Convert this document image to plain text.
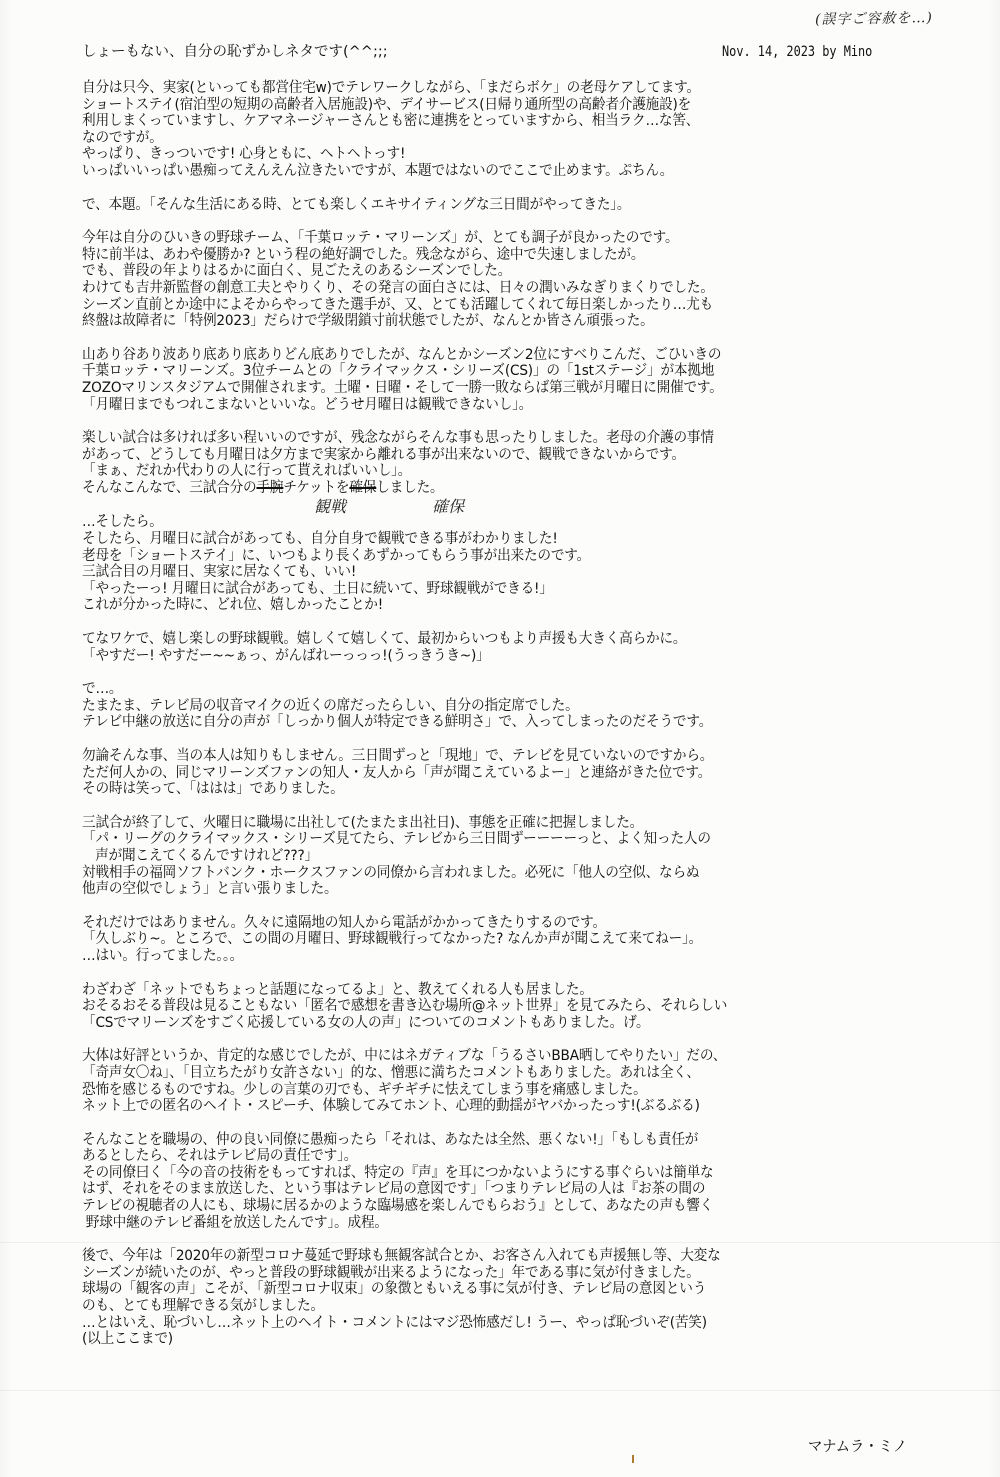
(誤字ご容赦を…)
しょーもない、自分の恥ずかしネタです(^^;;;	Nov. 14, 2023 by Mino
自分は只今、実家(といっても都営住宅w)でテレワークしながら、「まだらボケ」の老母ケアしてます。
ショートステイ(宿泊型の短期の高齢者入居施設)や、デイサービス(日帰り通所型の高齢者介護施設)を
利用しまくっていますし、ケアマネージャーさんとも密に連携をとっていますから、相当ラク…な筈、
なのですが。
やっぱり、きっついです! 心身ともに、ヘトヘトっす!
いっぱいいっぱい愚痴ってえんえん泣きたいですが、本題ではないのでここで止めます。ぷちん。
で、本題。「そんな生活にある時、とても楽しくエキサイティングな三日間がやってきた」。
今年は自分のひいきの野球チーム、「千葉ロッテ・マリーンズ」が、とても調子が良かったのです。
特に前半は、あわや優勝か? という程の絶好調でした。残念ながら、途中で失速しましたが。
でも、普段の年よりはるかに面白く、見ごたえのあるシーズンでした。
わけても吉井新監督の創意工夫とやりくり、その発言の面白さには、日々の潤いみなぎりまくりでした。
シーズン直前とか途中によそからやってきた選手が、又、とても活躍してくれて毎日楽しかったり…尤も
終盤は故障者に「特例2023」だらけで学級閉鎖寸前状態でしたが、なんとか皆さん頑張った。
山あり谷あり波あり底あり底ありどん底ありでしたが、なんとかシーズン2位にすべりこんだ、ごひいきの
千葉ロッテ・マリーンズ。3位チームとの「クライマックス・シリーズ(CS)」の「1stステージ」が本拠地
ZOZOマリンスタジアムで開催されます。土曜・日曜・そして一勝一敗ならば第三戦が月曜日に開催です。
「月曜日までもつれこまないといいな。どうせ月曜日は観戦できないし」。
楽しい試合は多ければ多い程いいのですが、残念ながらそんな事も思ったりしました。老母の介護の事情
があって、どうしても月曜日は夕方まで実家から離れる事が出来ないので、観戦できないからです。
「まぁ、だれか代わりの人に行って貰えればいいし」。
そんなこんなで、三試合分の手腕チケットを確保しました。
観戦	確保
…そしたら。
そしたら、月曜日に試合があっても、自分自身で観戦できる事がわかりました!
老母を「ショートステイ」に、いつもより長くあずかってもらう事が出来たのです。
三試合目の月曜日、実家に居なくても、いい!
「やったーっ! 月曜日に試合があっても、土日に続いて、野球観戦ができる!」
これが分かった時に、どれ位、嬉しかったことか!
てなワケで、嬉し楽しの野球観戦。嬉しくて嬉しくて、最初からいつもより声援も大きく高らかに。
「やすだー! やすだー~~ぁっ、がんばれーっっっ!(うっきうき~)」
で…。
たまたま、テレビ局の収音マイクの近くの席だったらしい、自分の指定席でした。
テレビ中継の放送に自分の声が「しっかり個人が特定できる鮮明さ」で、入ってしまったのだそうです。
勿論そんな事、当の本人は知りもしません。三日間ずっと「現地」で、テレビを見ていないのですから。
ただ何人かの、同じマリーンズファンの知人・友人から「声が聞こえているよー」と連絡がきた位です。
その時は笑って、「ははは」でありました。
三試合が終了して、火曜日に職場に出社して(たまたま出社日)、事態を正確に把握しました。
「パ・リーグのクライマックス・シリーズ見てたら、テレビから三日間ずーーーーっと、よく知った人の
声が聞こえてくるんですけれど???」
対戦相手の福岡ソフトバンク・ホークスファンの同僚から言われました。必死に「他人の空似、ならぬ
他声の空似でしょう」と言い張りました。
それだけではありません。久々に遠隔地の知人から電話がかかってきたりするのです。
「久しぶり~。ところで、この間の月曜日、野球観戦行ってなかった? なんか声が聞こえて来てねー」。
…はい。行ってました。。。
わざわざ「ネットでもちょっと話題になってるよ」と、教えてくれる人も居ました。
おそるおそる普段は見ることもない「匿名で感想を書き込む場所@ネット世界」を見てみたら、それらしい
「CSでマリーンズをすごく応援している女の人の声」についてのコメントもありました。げ。
大体は好評というか、肯定的な感じでしたが、中にはネガティブな「うるさいBBA晒してやりたい」だの、
「奇声女〇ね」、「目立ちたがり女許さない」的な、憎悪に満ちたコメントもありました。あれは全く、
恐怖を感じるものですね。少しの言葉の刃でも、ギチギチに怯えてしまう事を痛感しました。
ネット上での匿名のヘイト・スピーチ、体験してみてホント、心理的動揺がヤバかったっす!(ぶるぶる)
そんなことを職場の、仲の良い同僚に愚痴ったら「それは、あなたは全然、悪くない!」「もしも責任が
あるとしたら、それはテレビ局の責任です」。
その同僚曰く「今の音の技術をもってすれば、特定の『声』を耳につかないようにする事ぐらいは簡単な
はず、それをそのまま放送した、という事はテレビ局の意図です」「つまりテレビ局の人は『お茶の間の
テレビの視聴者の人にも、球場に居るかのような臨場感を楽しんでもらおう』として、あなたの声も響く
野球中継のテレビ番組を放送したんです」。成程。
後で、今年は「2020年の新型コロナ蔓延で野球も無観客試合とか、お客さん入れても声援無し等、大変な
シーズンが続いたのが、やっと普段の野球観戦が出来るようになった」年である事に気が付きました。
球場の「観客の声」こそが、「新型コロナ収束」の象徴ともいえる事に気が付き、テレビ局の意図という
のも、とても理解できる気がしました。
…とはいえ、恥づいし…ネット上のヘイト・コメントにはマジ恐怖感だし! うー、やっぱ恥づいぞ(苦笑)
(以上ここまで)
マナムラ・ミノ
